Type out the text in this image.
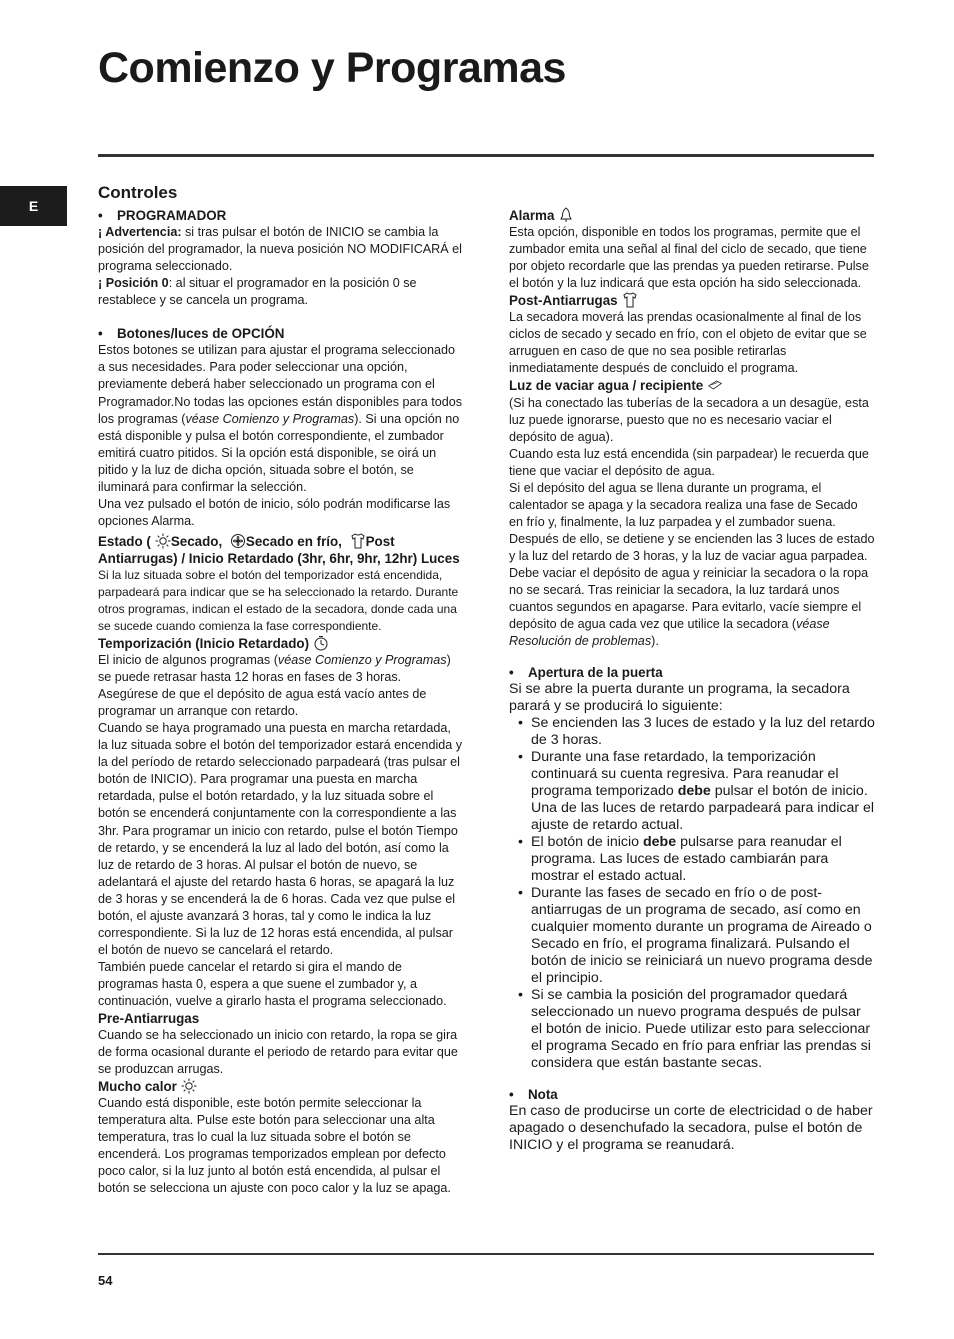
Comienzo y Programas
E
Controles

• PROGRAMADOR

¡ Advertencia: si tras pulsar el botón de INICIO se cambia la posición del programador, la nueva posición NO MODIFICARÁ el programa seleccionado.

¡ Posición 0: al situar el programador en la posición 0 se restablece y se cancela un programa.

• Botones/luces de OPCIÓN

Estos botones se utilizan para ajustar el programa seleccionado a sus necesidades. Para poder seleccionar una opción, previamente deberá haber seleccionado un programa con el Programador.No todas las opciones están disponibles para todos los programas (véase Comienzo y Programas). Si una opción no está disponible y pulsa el botón correspondiente, el zumbador emitirá cuatro pitidos. Si la opción está disponible, se oirá un pitido y la luz de dicha opción, situada sobre el botón, se iluminará para confirmar la selección.

Una vez pulsado el botón de inicio, sólo podrán modificarse las opciones Alarma.

Estado ( Secado, Secado en frío, Post Antiarrugas) / Inicio Retardado (3hr, 6hr, 9hr, 12hr) Luces

Si la luz situada sobre el botón del temporizador está encendida, parpadeará para indicar que se ha seleccionado la retardo. Durante otros programas, indican el estado de la secadora, donde cada una se sucede cuando comienza la fase correspondiente.

Temporización (Inicio Retardado)

El inicio de algunos programas (véase Comienzo y Programas) se puede retrasar hasta 12 horas en fases de 3 horas. Asegúrese de que el depósito de agua está vacío antes de programar un arranque con retardo.

Cuando se haya programado una puesta en marcha retardada, la luz situada sobre el botón del temporizador estará encendida y la del período de retardo seleccionado parpadeará (tras pulsar el botón de INICIO). Para programar una puesta en marcha retardada, pulse el botón retardado, y la luz situada sobre el botón se encenderá conjuntamente con la correspondiente a las 3hr. Para programar un inicio con retardo, pulse el botón Tiempo de retardo, y se encenderá la luz al lado del botón, así como la luz de retardo de 3 horas. Al pulsar el botón de nuevo, se adelantará el ajuste del retardo hasta 6 horas, se apagará la luz de 3 horas y se encenderá la de 6 horas. Cada vez que pulse el botón, el ajuste avanzará 3 horas, tal y como le indica la luz correspondiente. Si la luz de 12 horas está encendida, al pulsar el botón de nuevo se cancelará el retardo.

También puede cancelar el retardo si gira el mando de programas hasta 0, espera a que suene el zumbador y, a continuación, vuelve a girarlo hasta el programa seleccionado.

Pre-Antiarrugas

Cuando se ha seleccionado un inicio con retardo, la ropa se gira de forma ocasional durante el periodo de retardo para evitar que se produzcan arrugas.

Mucho calor

Cuando está disponible, este botón permite seleccionar la temperatura alta. Pulse este botón para seleccionar una alta temperatura, tras lo cual la luz situada sobre el botón se encenderá. Los programas temporizados emplean por defecto poco calor, si la luz junto al botón está encendida, al pulsar el botón se selecciona un ajuste con poco calor y la luz se apaga.

Alarma

Esta opción, disponible en todos los programas, permite que el zumbador emita una señal al final del ciclo de secado, que tiene por objeto recordarle que las prendas ya pueden retirarse. Pulse el botón y la luz indicará que esta opción ha sido seleccionada.

Post-Antiarrugas

La secadora moverá las prendas ocasionalmente al final de los ciclos de secado y secado en frío, con el objeto de evitar que se arruguen en caso de que no sea posible retirarlas inmediatamente después de concluido el programa.

Luz de vaciar agua / recipiente

(Si ha conectado las tuberías de la secadora a un desagüe, esta luz puede ignorarse, puesto que no es necesario vaciar el depósito de agua).

Cuando esta luz está encendida (sin parpadear) le recuerda que tiene que vaciar el depósito de agua.

Si el depósito del agua se llena durante un programa, el calentador se apaga y la secadora realiza una fase de Secado en frío y, finalmente, la luz parpadea y el zumbador suena. Después de ello, se detiene y se encienden las 3 luces de estado y la luz del retardo de 3 horas, y la luz de vaciar agua parpadea. Debe vaciar el depósito de agua y reiniciar la secadora o la ropa no se secará. Tras reiniciar la secadora, la luz tardará unos cuantos segundos en apagarse. Para evitarlo, vacíe siempre el depósito de agua cada vez que utilice la secadora (véase Resolución de problemas).

• Apertura de la puerta

Si se abre la puerta durante un programa, la secadora parará y se producirá lo siguiente:

• Se encienden las 3 luces de estado y la luz del retardo de 3 horas.
• Durante una fase retardado, la temporización continuará su cuenta regresiva. Para reanudar el programa temporizado debe pulsar el botón de inicio. Una de las luces de retardo parpadeará para indicar el ajuste de retardo actual.
• El botón de inicio debe pulsarse para reanudar el programa. Las luces de estado cambiarán para mostrar el estado actual.
• Durante las fases de secado en frío o de post-antiarrugas de un programa de secado, así como en cualquier momento durante un programa de Aireado o Secado en frío, el programa finalizará. Pulsando el botón de inicio se reiniciará un nuevo programa desde el principio.
• Si se cambia la posición del programador quedará seleccionado un nuevo programa después de pulsar el botón de inicio. Puede utilizar esto para seleccionar el programa Secado en frío para enfriar las prendas si considera que están bastante secas.

• Nota

En caso de producirse un corte de electricidad o de haber apagado o desenchufado la secadora, pulse el botón de INICIO y el programa se reanudará.

54
